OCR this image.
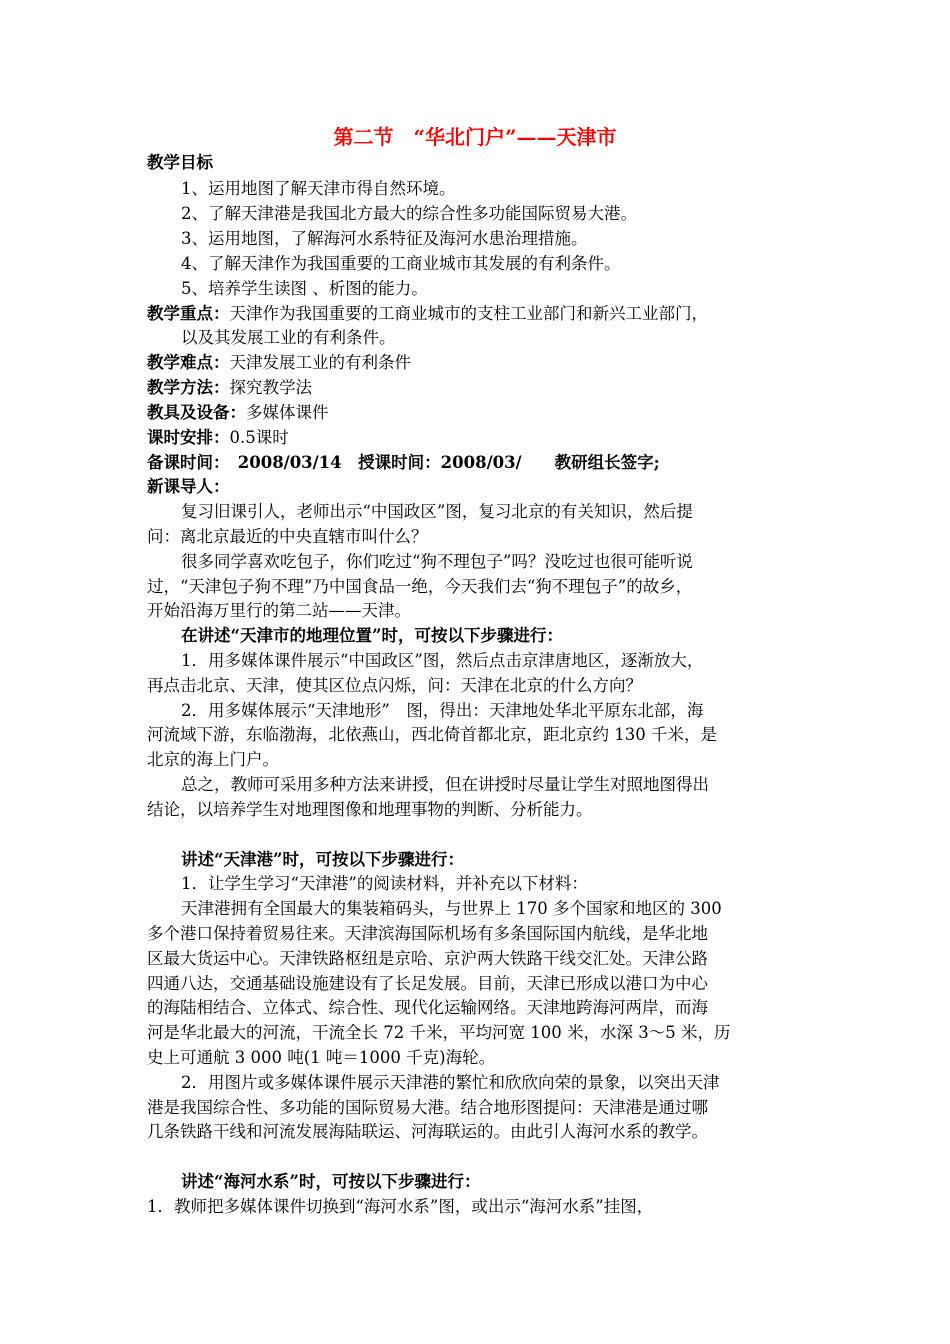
第二节　“华北门户”——天津市
教学目标
1、运用地图了解天津市得自然环境。
2、了解天津港是我国北方最大的综合性多功能国际贸易大港。
3、运用地图，了解海河水系特征及海河水患治理措施。
4、了解天津作为我国重要的工商业城市其发展的有利条件。
5、培养学生读图 、析图的能力。
教学重点：天津作为我国重要的工商业城市的支柱工业部门和新兴工业部门，
以及其发展工业的有利条件。
教学难点：天津发展工业的有利条件
教学方法：探究教学法
教具及设备：多媒体课件
课时安排：0.5课时
备课时间：　2008/03/14　授课时间：2008/03/　　教研组长签字;
新课导人：
复习旧课引人，老师出示“中国政区”图，复习北京的有关知识，然后提
问：离北京最近的中央直辖市叫什么？
很多同学喜欢吃包子，你们吃过“狗不理包子”吗？没吃过也很可能听说
过，“天津包子狗不理”乃中国食品一绝，今天我们去“狗不理包子”的故乡，
开始沿海万里行的第二站——天津。
在讲述“天津市的地理位置”时，可按以下步骤进行：
1．用多媒体课件展示“中国政区”图，然后点击京津唐地区，逐渐放大，
再点击北京、天津，使其区位点闪烁，问：天津在北京的什么方向？
2．用多媒体展示“天津地形”　图，得出：天津地处华北平原东北部，海
河流域下游，东临渤海，北依燕山，西北倚首都北京，距北京约 130 千米，是
北京的海上门户。
总之，教师可采用多种方法来讲授，但在讲授时尽量让学生对照地图得出
结论，以培养学生对地理图像和地理事物的判断、分析能力。
讲述“天津港”时，可按以下步骤进行：
1．让学生学习“天津港”的阅读材料，并补充以下材料：
天津港拥有全国最大的集装箱码头，与世界上 170 多个国家和地区的 300
多个港口保持着贸易往来。天津滨海国际机场有多条国际国内航线，是华北地
区最大货运中心。天津铁路枢纽是京哈、京沪两大铁路干线交汇处。天津公路
四通八达，交通基础设施建设有了长足发展。目前，天津已形成以港口为中心
的海陆相结合、立体式、综合性、现代化运输网络。天津地跨海河两岸，而海
河是华北最大的河流，干流全长 72 千米，平均河宽 100 米，水深 3～5 米，历
史上可通航 3 000 吨(1 吨＝1000 千克)海轮。
2．用图片或多媒体课件展示天津港的繁忙和欣欣向荣的景象，以突出天津
港是我国综合性、多功能的国际贸易大港。结合地形图提问：天津港是通过哪
几条铁路干线和河流发展海陆联运、河海联运的。由此引人海河水系的教学。
讲述“海河水系”时，可按以下步骤进行：
1．教师把多媒体课件切换到“海河水系”图，或出示“海河水系”挂图，
